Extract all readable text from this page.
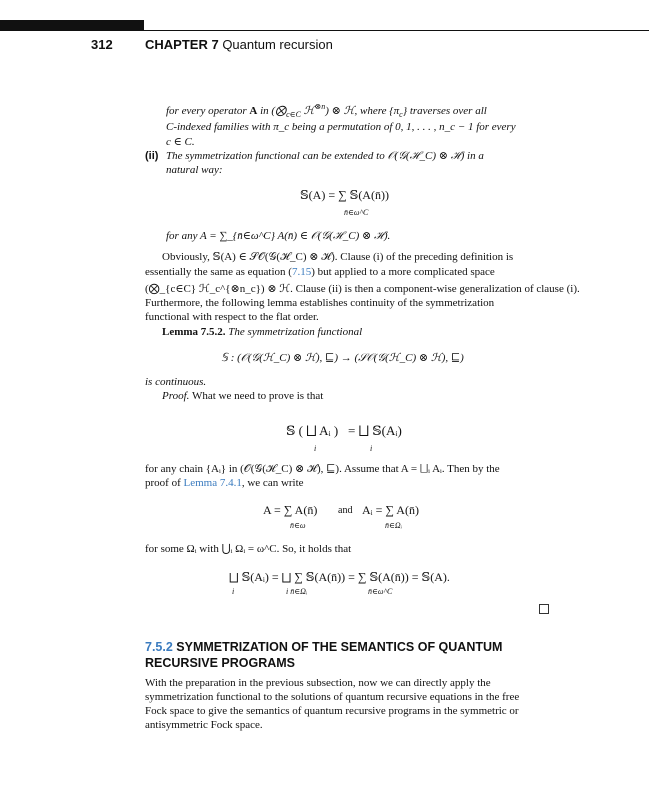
312 CHAPTER 7 Quantum recursion
for every operator A in ($⨂_{c\in C}$ ℋ$^{\otimes n}$) ⊗ ℋ, where $\{\pi_c\}$ traverses over all
C-indexed families with π_c being a permutation of 0, 1, . . . , n_c − 1 for every
c ∈ C.
(ii) The symmetrization functional can be extended to 𝒪(𝒢(ℋ_C) ⊗ ℋ) in a
natural way:
𝕊(A) = ∑ 𝕊(A(n̄))
n̄∈ω^C
for any A = ∑_{n̄∈ω^C} A(n̄) ∈ 𝒪(𝒢(ℋ_C) ⊗ ℋ).
Obviously, 𝕊(A) ∈ 𝒮𝒪(𝒢(ℋ_C) ⊗ ℋ). Clause (i) of the preceding definition is
essentially the same as equation (7.15) but applied to a more complicated space
(⨂_{c∈C} ℋ_c^{⊗n_c}) ⊗ ℋ. Clause (ii) is then a component-wise generalization of clause (i).
Furthermore, the following lemma establishes continuity of the symmetrization
functional with respect to the flat order.
Lemma 7.5.2. The symmetrization functional
𝕊 : (𝒪(𝒢(ℋ_C) ⊗ ℋ), ⊑) → (𝒮𝒪(𝒢(ℋ_C) ⊗ ℋ), ⊑)
is continuous.
Proof. What we need to prove is that
𝕊 ( ⨆ Aᵢ ) = ⨆ 𝕊(Aᵢ)
i	i
for any chain {Aᵢ} in (𝒪(𝒢(ℋ_C) ⊗ ℋ), ⊑). Assume that A = ⨆ᵢ Aᵢ. Then by the
proof of Lemma 7.4.1, we can write
A = ∑ A(n̄)
n̄∈ω
and Aᵢ = ∑ A(n̄)
n̄∈Ωᵢ
for some Ωᵢ with ⋃ᵢ Ωᵢ = ω^C. So, it holds that
⨆ 𝕊(Aᵢ) = ⨆ ∑ 𝕊(A(n̄)) = ∑ 𝕊(A(n̄)) = 𝕊(A).
i	i n̄∈Ωᵢ	n̄∈ω^C
7.5.2 SYMMETRIZATION OF THE SEMANTICS OF QUANTUM
RECURSIVE PROGRAMS
With the preparation in the previous subsection, now we can directly apply the
symmetrization functional to the solutions of quantum recursive equations in the free
Fock space to give the semantics of quantum recursive programs in the symmetric or
antisymmetric Fock space.
